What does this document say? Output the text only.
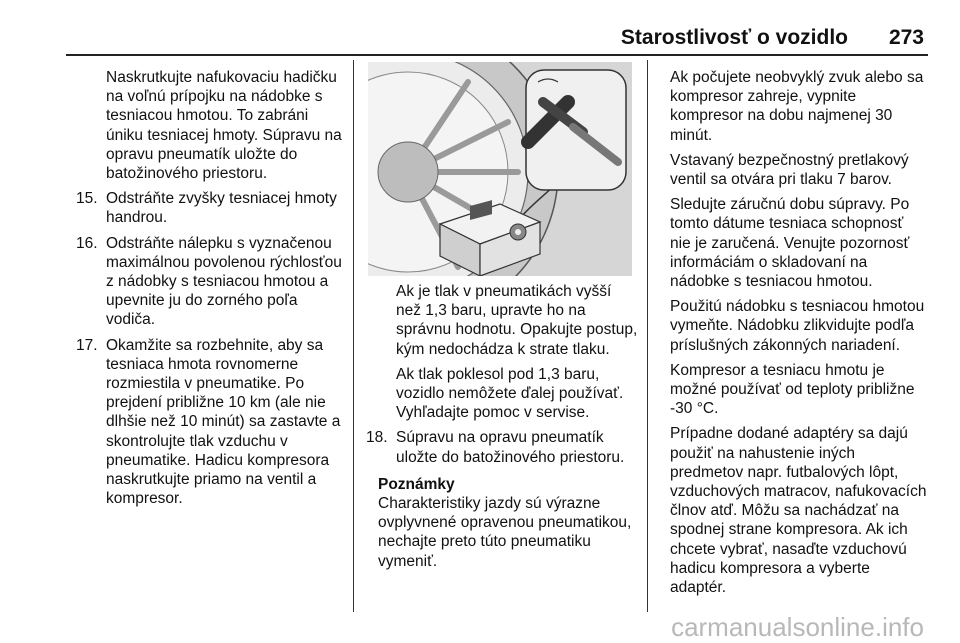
Starostlivosť o vozidlo 273

Naskrutkujte nafukovaciu hadičku na voľnú prípojku na nádobke s tesniacou hmotou. To zabráni úniku tesniacej hmoty. Súpravu na opravu pneumatík uložte do batožinového priestoru.

15. Odstráňte zvyšky tesniacej hmoty handrou.
16. Odstráňte nálepku s vyznačenou maximálnou povolenou rýchlosťou z nádobky s tesniacou hmotou a upevnite ju do zorného poľa vodiča.
17. Okamžite sa rozbehnite, aby sa tesniaca hmota rovnomerne rozmiestila v pneumatike. Po prejdení približne 10 km (ale nie dlhšie než 10 minút) sa zastavte a skontrolujte tlak vzduchu v pneumatike. Hadicu kompresora naskrutkujte priamo na ventil a kompresor.

Ak je tlak v pneumatikách vyšší než 1,3 baru, upravte ho na správnu hodnotu. Opakujte postup, kým nedochádza k strate tlaku.

Ak tlak poklesol pod 1,3 baru, vozidlo nemôžete ďalej používať. Vyhľadajte pomoc v servise.

18. Súpravu na opravu pneumatík uložte do batožinového priestoru.
Poznámky
Charakteristiky jazdy sú výrazne ovplyvnené opravenou pneumatikou, nechajte preto túto pneumatiku vymeniť.

Ak počujete neobvyklý zvuk alebo sa kompresor zahreje, vypnite kompresor na dobu najmenej 30 minút.

Vstavaný bezpečnostný pretlakový ventil sa otvára pri tlaku 7 barov.

Sledujte záručnú dobu súpravy. Po tomto dátume tesniaca schopnosť nie je zaručená. Venujte pozornosť informáciám o skladovaní na nádobke s tesniacou hmotou.

Použitú nádobku s tesniacou hmotou vymeňte. Nádobku zlikvidujte podľa príslušných zákonných nariadení.

Kompresor a tesniacu hmotu je možné používať od teploty približne -30 °C.

Prípadne dodané adaptéry sa dajú použiť na nahustenie iných predmetov napr. futbalových lôpt, vzduchových matracov, nafukovacích člnov atď. Môžu sa nachádzať na spodnej strane kompresora. Ak ich chcete vybrať, nasaďte vzduchovú hadicu kompresora a vyberte adaptér.

carmanualsonline.info
